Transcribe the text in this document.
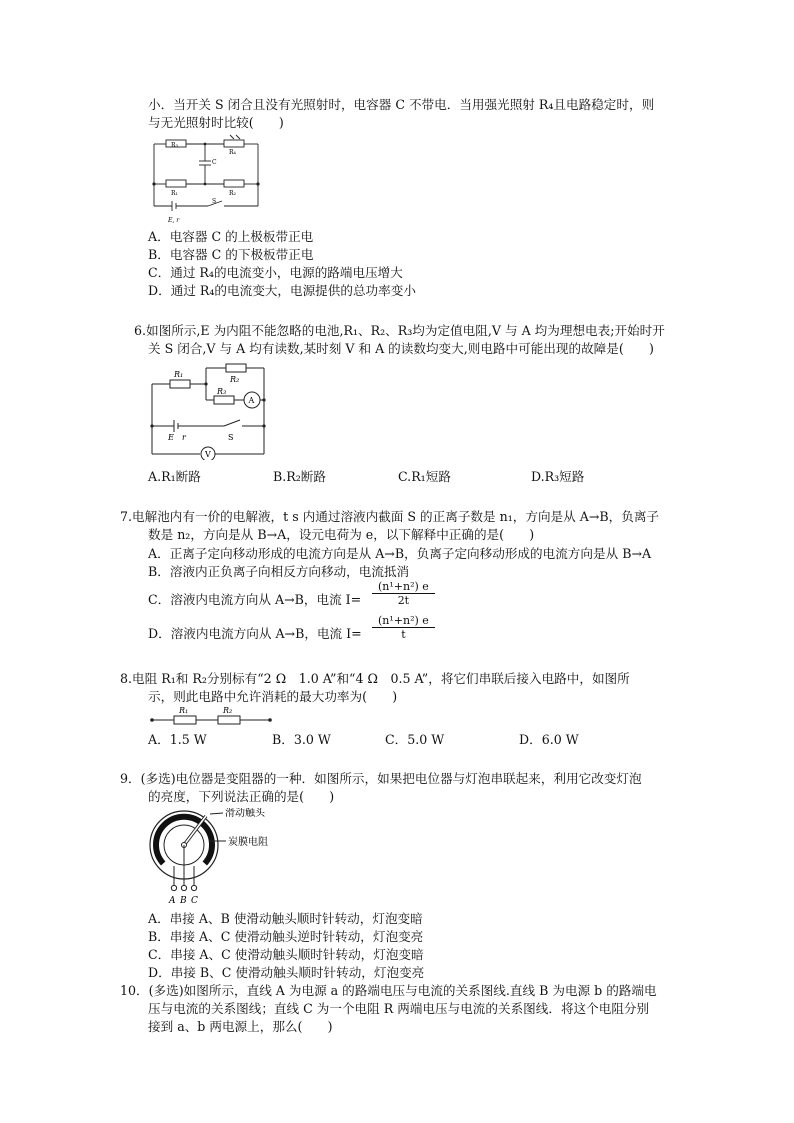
小．当开关 S 闭合且没有光照射时，电容器 C 不带电．当用强光照射 R₄且电路稳定时，则
与无光照射时比较(　　)
R₃
R₄
C
R₁	R₂
S
E, r
A．电容器 C 的上极板带正电
B．电容器 C 的下极板带正电
C．通过 R₄的电流变小，电源的路端电压增大
D．通过 R₄的电流变大，电源提供的总功率变小
6.如图所示,E 为内阻不能忽略的电池,R₁、R₂、R₃均为定值电阻,V 与 A 均为理想电表;开始时开
关 S 闭合,V 与 A 均有读数,某时刻 V 和 A 的读数均变大,则电路中可能出现的故障是(　　)
R₁
R₂
R₃
A
E r	S
V
A.R₁断路	B.R₂断路	C.R₁短路	D.R₃短路
7.电解池内有一价的电解液，t s 内通过溶液内截面 S 的正离子数是 n₁，方向是从 A→B，负离子
数是 n₂，方向是从 B→A，设元电荷为 e，以下解释中正确的是(　　)
A．正离子定向移动形成的电流方向是从 A→B，负离子定向移动形成的电流方向是从 B→A
B．溶液内正负离子向相反方向移动，电流抵消
C．溶液内电流方向从 A→B，电流 $I= \frac{\text{(n¹+n²) e}}{2t}$
D．溶液内电流方向从 A→B，电流 $I= \frac{\text{(n¹+n²) e}}{t}$
8.电阻 R₁和 R₂分别标有“2 Ω　1.0 A”和“4 Ω　0.5 A”，将它们串联后接入电路中，如图所
示，则此电路中允许消耗的最大功率为(　　)
R₁	R₂
A．1.5 W	B．3.0 W	C．5.0 W	D．6.0 W
9．(多选)电位器是变阻器的一种．如图所示，如果把电位器与灯泡串联起来，利用它改变灯泡
的亮度，下列说法正确的是(　　)
滑动触头
炭膜电阻
A B C
A．串接 A、B 使滑动触头顺时针转动，灯泡变暗
B．串接 A、C 使滑动触头逆时针转动，灯泡变亮
C．串接 A、C 使滑动触头顺时针转动，灯泡变暗
D．串接 B、C 使滑动触头顺时针转动，灯泡变亮
10．(多选)如图所示，直线 A 为电源 a 的路端电压与电流的关系图线.直线 B 为电源 b 的路端电
压与电流的关系图线；直线 C 为一个电阻 R 两端电压与电流的关系图线．将这个电阻分别
接到 a、b 两电源上，那么(　　)
